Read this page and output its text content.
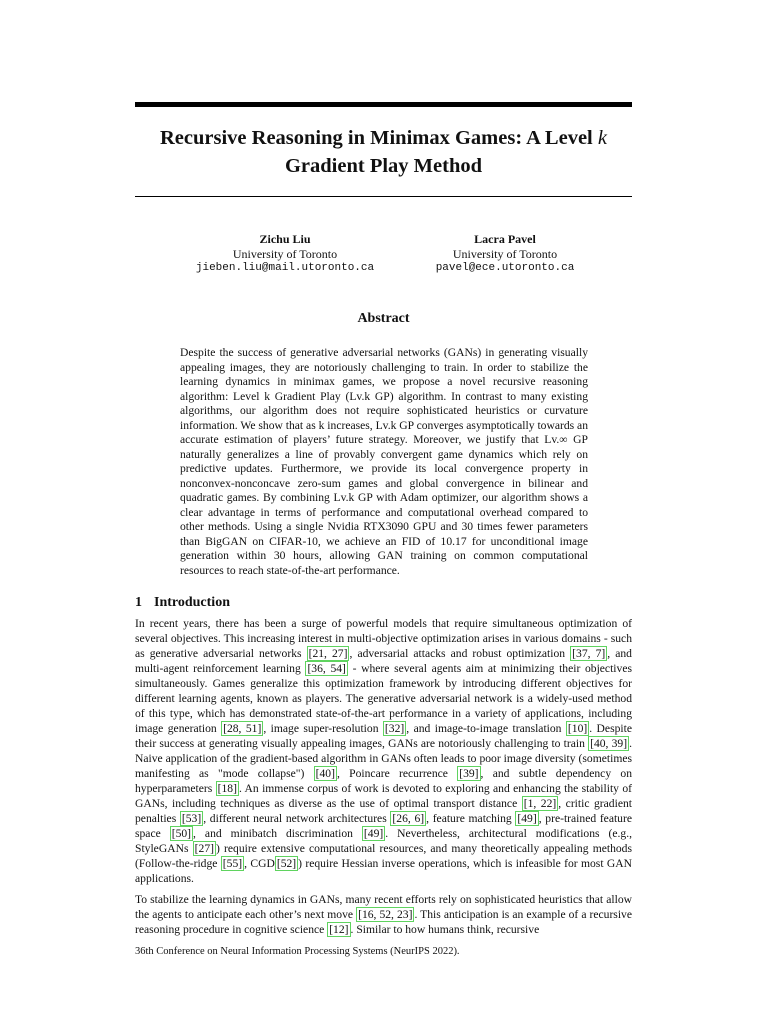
Recursive Reasoning in Minimax Games: A Level k
Gradient Play Method
Zichu Liu
University of Toronto
jieben.liu@mail.utoronto.ca
Lacra Pavel
University of Toronto
pavel@ece.utoronto.ca
Abstract
Despite the success of generative adversarial networks (GANs) in generating visually appealing images, they are notoriously challenging to train. In order to stabilize the learning dynamics in minimax games, we propose a novel recursive reasoning algorithm: Level k Gradient Play (Lv.k GP) algorithm. In contrast to many existing algorithms, our algorithm does not require sophisticated heuristics or curvature information. We show that as k increases, Lv.k GP converges asymptotically towards an accurate estimation of players’ future strategy. Moreover, we justify that Lv.∞ GP naturally generalizes a line of provably convergent game dynamics which rely on predictive updates. Furthermore, we provide its local convergence property in nonconvex-nonconcave zero-sum games and global convergence in bilinear and quadratic games. By combining Lv.k GP with Adam optimizer, our algorithm shows a clear advantage in terms of performance and computational overhead compared to other methods. Using a single Nvidia RTX3090 GPU and 30 times fewer parameters than BigGAN on CIFAR-10, we achieve an FID of 10.17 for unconditional image generation within 30 hours, allowing GAN training on common computational resources to reach state-of-the-art performance.
1 Introduction

In recent years, there has been a surge of powerful models that require simultaneous optimization of several objectives. This increasing interest in multi-objective optimization arises in various domains - such as generative adversarial networks [21, 27] , adversarial attacks and robust optimization [37, 7] , and multi-agent reinforcement learning [36, 54] - where several agents aim at minimizing their objectives simultaneously. Games generalize this optimization framework by introducing different objectives for different learning agents, known as players. The generative adversarial network is a widely-used method of this type, which has demonstrated state-of-the-art performance in a variety of applications, including image generation [28, 51] , image super-resolution [32] , and image-to-image translation [10] . Despite their success at generating visually appealing images, GANs are notoriously challenging to train [40, 39] . Naive application of the gradient-based algorithm in GANs often leads to poor image diversity (sometimes manifesting as "mode collapse") [40] , Poincare recurrence [39] , and subtle dependency on hyperparameters [18] . An immense corpus of work is devoted to exploring and enhancing the stability of GANs, including techniques as diverse as the use of optimal transport distance [1, 22] , critic gradient penalties [53] , different neural network architectures [26, 6] , feature matching [49] , pre-trained feature space [50] , and minibatch discrimination [49] . Nevertheless, architectural modifications (e.g., StyleGANs [27] ) require extensive computational resources, and many theoretically appealing methods (Follow-the-ridge [55] , CGD [52] ) require Hessian inverse operations, which is infeasible for most GAN applications.

To stabilize the learning dynamics in GANs, many recent efforts rely on sophisticated heuristics that allow the agents to anticipate each other’s next move [16, 52, 23] . This anticipation is an example of a recursive reasoning procedure in cognitive science [12] . Similar to how humans think, recursive

36th Conference on Neural Information Processing Systems (NeurIPS 2022).
